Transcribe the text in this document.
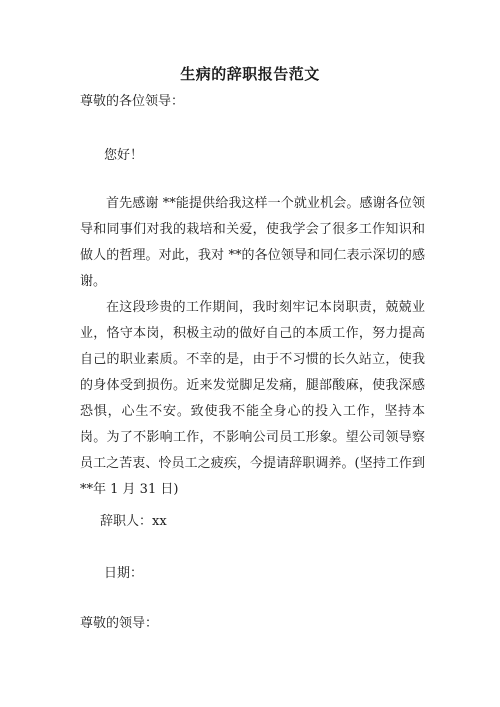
生病的辞职报告范文
尊敬的各位领导：
您好！

首先感谢 **能提供给我这样一个就业机会。感谢各位领导和同事们对我的栽培和关爱，使我学会了很多工作知识和做人的哲理。对此，我对 **的各位领导和同仁表示深切的感谢。

在这段珍贵的工作期间，我时刻牢记本岗职责，兢兢业业，恪守本岗，积极主动的做好自己的本质工作，努力提高自己的职业素质。不幸的是，由于不习惯的长久站立，使我的身体受到损伤。近来发觉脚足发痛，腿部酸麻，使我深感恐惧，心生不安。致使我不能全身心的投入工作，坚持本岗。为了不影响工作，不影响公司员工形象。望公司领导察员工之苦衷、怜员工之疲疾，今提请辞职调养。(坚持工作到**年 1 月 31 日)

辞职人：xx
日期：
尊敬的领导：
